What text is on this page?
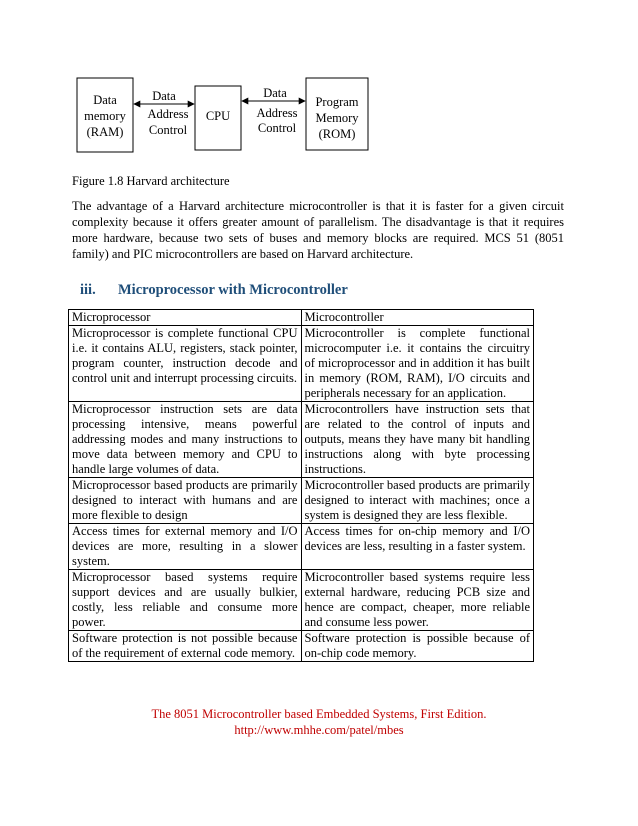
Data
memory
(RAM)
CPU
Program
Memory
(ROM)
Data
Address
Control
Data
Address
Control
Figure 1.8 Harvard architecture
The advantage of a Harvard architecture microcontroller is that it is faster for a given circuit complexity because it offers greater amount of parallelism. The disadvantage is that it requires more hardware, because two sets of buses and memory blocks are required. MCS 51 (8051 family) and PIC microcontrollers are based on Harvard architecture.
iii. Microprocessor with Microcontroller
Microprocessor	Microcontroller
Microprocessor is complete functional CPU i.e. it contains ALU, registers, stack pointer, program counter, instruction decode and control unit and interrupt processing circuits.	Microcontroller is complete functional microcomputer i.e. it contains the circuitry of microprocessor and in addition it has built in memory (ROM, RAM), I/O circuits and peripherals necessary for an application.
Microprocessor instruction sets are data processing intensive, means powerful addressing modes and many instructions to move data between memory and CPU to handle large volumes of data.	Microcontrollers have instruction sets that are related to the control of inputs and outputs, means they have many bit handling instructions along with byte processing instructions.
Microprocessor based products are primarily designed to interact with humans and are more flexible to design	Microcontroller based products are primarily designed to interact with machines; once a system is designed they are less flexible.
Access times for external memory and I/O devices are more, resulting in a slower system.	Access times for on-chip memory and I/O devices are less, resulting in a faster system.
Microprocessor based systems require support devices and are usually bulkier, costly, less reliable and consume more power.	Microcontroller based systems require less external hardware, reducing PCB size and hence are compact, cheaper, more reliable and consume less power.
Software protection is not possible because of the requirement of external code memory.	Software protection is possible because of on-chip code memory.
The 8051 Microcontroller based Embedded Systems, First Edition.
http://www.mhhe.com/patel/mbes
